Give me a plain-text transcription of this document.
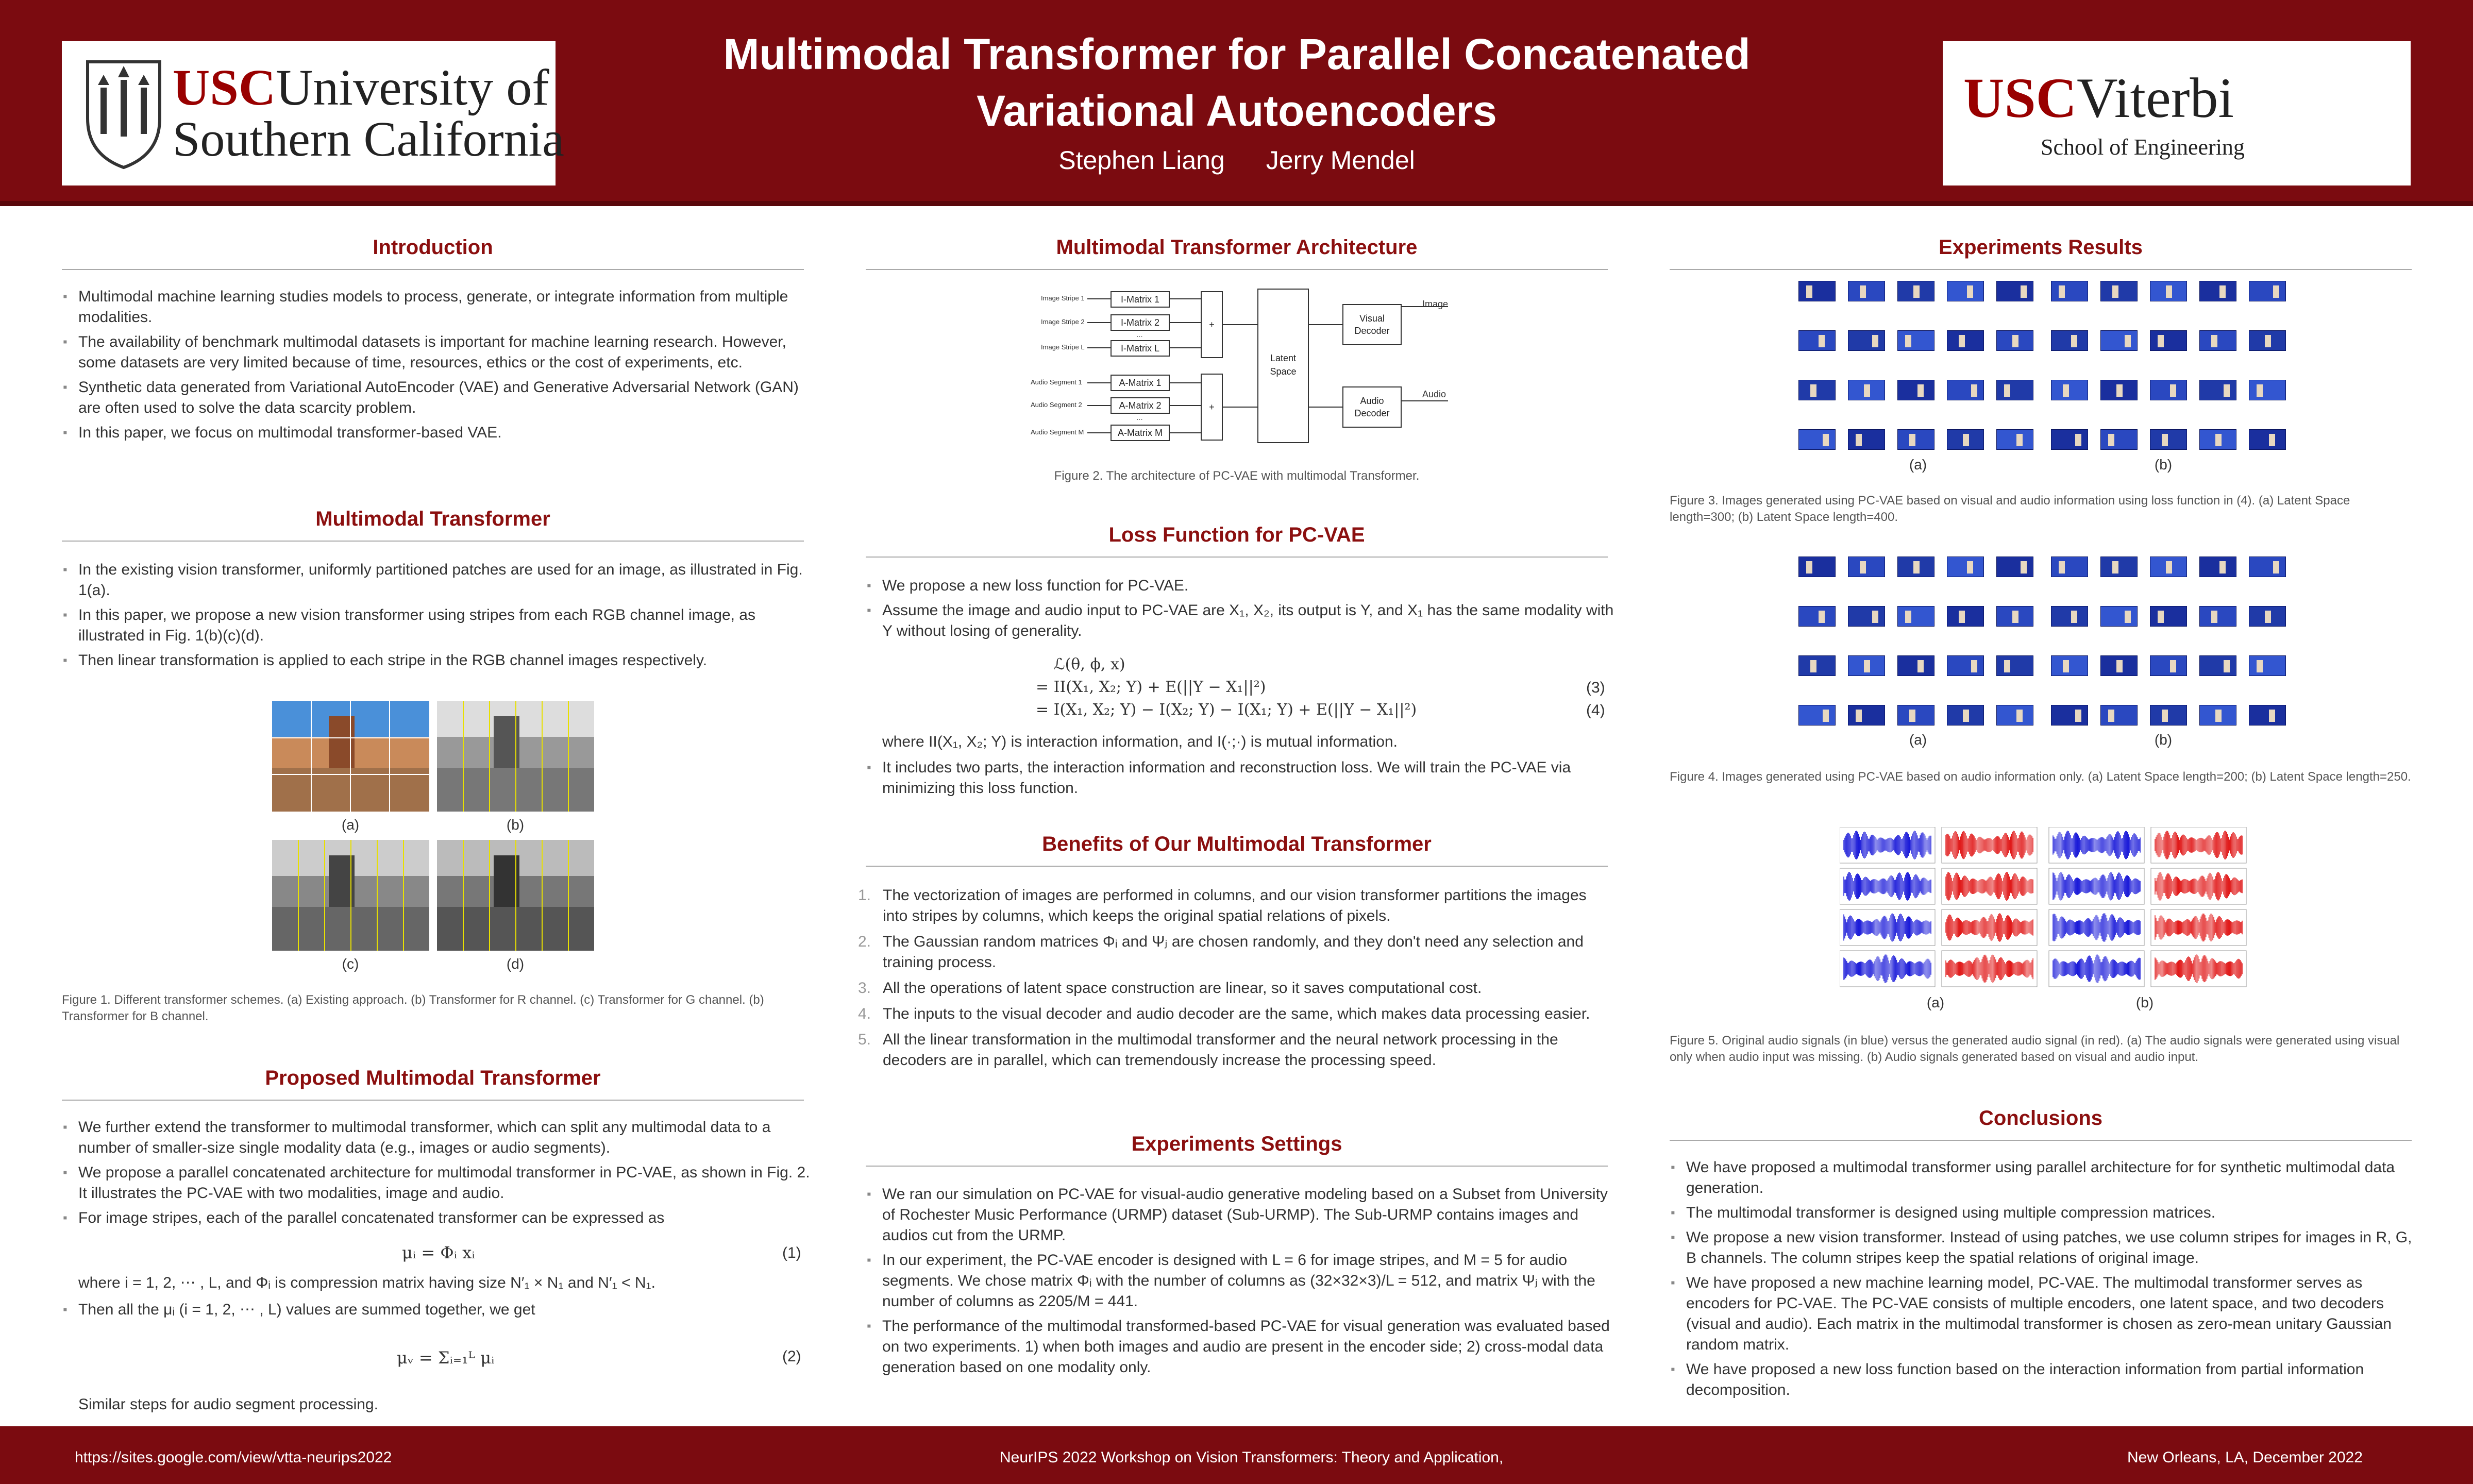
USCUniversity of
Southern California
Multimodal Transformer for Parallel Concatenated
Variational Autoencoders
Stephen Liang Jerry Mendel
USCViterbi
School of Engineering
Introduction
▪ Multimodal machine learning studies models to process, generate, or integrate information from multiple modalities.
▪ The availability of benchmark multimodal datasets is important for machine learning research. However, some datasets are very limited because of time, resources, ethics or the cost of experiments, etc.
▪ Synthetic data generated from Variational AutoEncoder (VAE) and Generative Adversarial Network (GAN) are often used to solve the data scarcity problem.
▪ In this paper, we focus on multimodal transformer-based VAE.
Multimodal Transformer
▪ In the existing vision transformer, uniformly partitioned patches are used for an image, as illustrated in Fig. 1(a).
▪ In this paper, we propose a new vision transformer using stripes from each RGB channel image, as illustrated in Fig. 1(b)(c)(d).
▪ Then linear transformation is applied to each stripe in the RGB channel images respectively.
(a)	(b)
(c)	(d)
Figure 1. Different transformer schemes. (a) Existing approach. (b) Transformer for R channel. (c) Transformer for G channel. (b) Transformer for B channel.
Proposed Multimodal Transformer
▪ We further extend the transformer to multimodal transformer, which can split any multimodal data to a number of smaller-size single modality data (e.g., images or audio segments).
▪ We propose a parallel concatenated architecture for multimodal transformer in PC-VAE, as shown in Fig. 2. It illustrates the PC-VAE with two modalities, image and audio.
▪ For image stripes, each of the parallel concatenated transformer can be expressed as
μᵢ = Φᵢ xᵢ	(1)
where i = 1, 2, ⋯ , L, and Φᵢ is compression matrix having size N′₁ × N₁ and N′₁ < N₁.
▪ Then all the μᵢ (i = 1, 2, ⋯ , L) values are summed together, we get
μᵥ = Σᵢ₌₁ᴸ μᵢ	(2)
Similar steps for audio segment processing.
Multimodal Transformer Architecture
Image Stripe 1
Image Stripe 2
Image Stripe L
Audio Segment 1
Audio Segment 2
Audio Segment M
I-Matrix 1
I-Matrix 2
…
I-Matrix L
A-Matrix 1
A-Matrix 2
…
A-Matrix M
+
+
Latent Space
Visual Decoder
Audio Decoder
Image
Audio
Figure 2. The architecture of PC-VAE with multimodal Transformer.
Loss Function for PC-VAE
▪ We propose a new loss function for PC-VAE.
▪ Assume the image and audio input to PC-VAE are X₁, X₂, its output is Y, and X₁ has the same modality with Y without losing of generality.
ℒ(θ, ϕ, x)
= II(X₁, X₂; Y) + E(||Y − X₁||²)	(3)
= I(X₁, X₂; Y) − I(X₂; Y) − I(X₁; Y) + E(||Y − X₁||²)	(4)
where II(X₁, X₂; Y) is interaction information, and I(·;·) is mutual information.
▪ It includes two parts, the interaction information and reconstruction loss. We will train the PC-VAE via minimizing this loss function.
Benefits of Our Multimodal Transformer
1. The vectorization of images are performed in columns, and our vision transformer partitions the images into stripes by columns, which keeps the original spatial relations of pixels.
2. The Gaussian random matrices Φᵢ and Ψⱼ are chosen randomly, and they don't need any selection and training process.
3. All the operations of latent space construction are linear, so it saves computational cost.
4. The inputs to the visual decoder and audio decoder are the same, which makes data processing easier.
5. All the linear transformation in the multimodal transformer and the neural network processing in the decoders are in parallel, which can tremendously increase the processing speed.
Experiments Settings
▪ We ran our simulation on PC-VAE for visual-audio generative modeling based on a Subset from University of Rochester Music Performance (URMP) dataset (Sub-URMP). The Sub-URMP contains images and audios cut from the URMP.
▪ In our experiment, the PC-VAE encoder is designed with L = 6 for image stripes, and M = 5 for audio segments. We chose matrix Φᵢ with the number of columns as (32×32×3)/L = 512, and matrix Ψⱼ with the number of columns as 2205/M = 441.
▪ The performance of the multimodal transformed-based PC-VAE for visual generation was evaluated based on two experiments. 1) when both images and audio are present in the encoder side; 2) cross-modal data generation based on one modality only.
Experiments Results
(a)	(b)
Figure 3. Images generated using PC-VAE based on visual and audio information using loss function in (4). (a) Latent Space length=300; (b) Latent Space length=400.
(a)	(b)
Figure 4. Images generated using PC-VAE based on audio information only. (a) Latent Space length=200; (b) Latent Space length=250.
(a)	(b)
Figure 5. Original audio signals (in blue) versus the generated audio signal (in red). (a) The audio signals were generated using visual only when audio input was missing. (b) Audio signals generated based on visual and audio input.
Conclusions
▪ We have proposed a multimodal transformer using parallel architecture for for synthetic multimodal data generation.
▪ The multimodal transformer is designed using multiple compression matrices.
▪ We propose a new vision transformer. Instead of using patches, we use column stripes for images in R, G, B channels. The column stripes keep the spatial relations of original image.
▪ We have proposed a new machine learning model, PC-VAE. The multimodal transformer serves as encoders for PC-VAE. The PC-VAE consists of multiple encoders, one latent space, and two decoders (visual and audio). Each matrix in the multimodal transformer is chosen as zero-mean unitary Gaussian random matrix.
▪ We have proposed a new loss function based on the interaction information from partial information decomposition.
https://sites.google.com/view/vtta-neurips2022	NeurIPS 2022 Workshop on Vision Transformers: Theory and Application,	New Orleans, LA, December 2022
